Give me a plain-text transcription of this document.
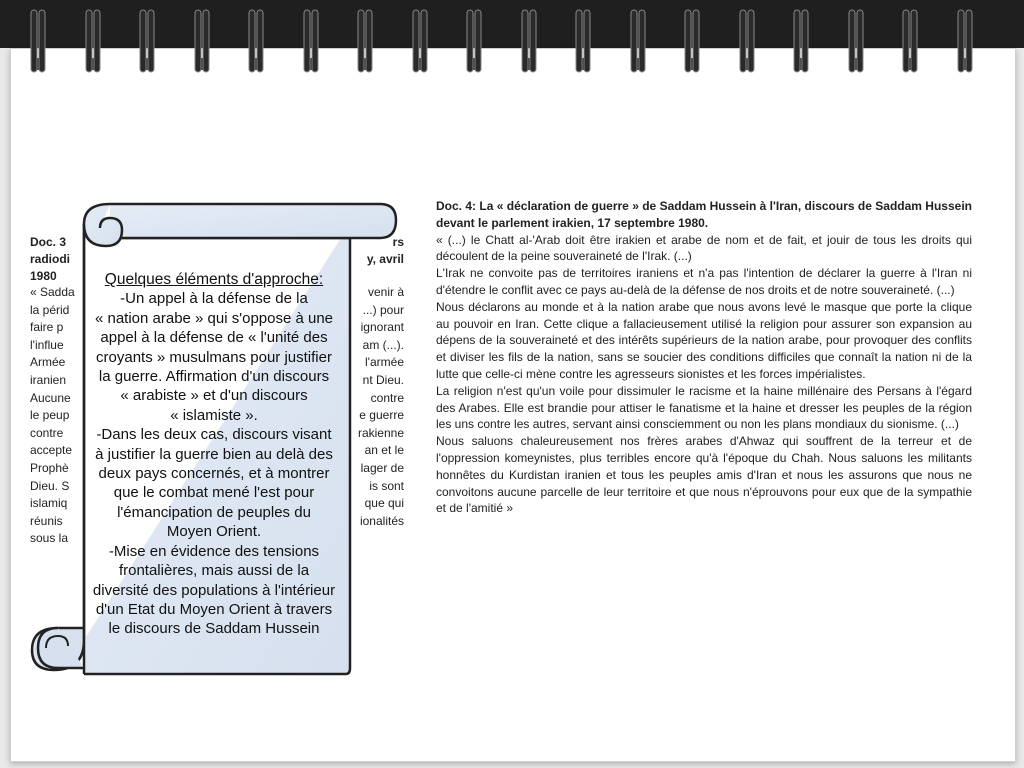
Doc. 3	rs
radiodi	y, avril
1980
« Sadda	venir à
la périd	...) pour
faire p	ignorant
l'influe	am (...).
Armée	l'armée
iranien	nt Dieu.
Aucune	contre
le peup	e guerre
contre	rakienne
accepte	an et le
Prophè	lager de
Dieu. S	is sont
islamiq	que qui
réunis	ionalités
sous la

Doc. 4: La « déclaration de guerre » de Saddam Hussein à l'Iran, discours de Saddam Hussein devant le parlement irakien, 17 septembre 1980.

« (...) le Chatt al-'Arab doit être irakien et arabe de nom et de fait, et jouir de tous les droits qui découlent de la peine souveraineté de l'Irak. (...)

L'Irak ne convoite pas de territoires iraniens et n'a pas l'intention de déclarer la guerre à l'Iran ni d'étendre le conflit avec ce pays au-delà de la défense de nos droits et de notre souveraineté. (...)

Nous déclarons au monde et à la nation arabe que nous avons levé le masque que porte la clique au pouvoir en Iran. Cette clique a fallacieusement utilisé la religion pour assurer son expansion au dépens de la souveraineté et des intérêts supérieurs de la nation arabe, pour provoquer des conflits et diviser les fils de la nation, sans se soucier des conditions difficiles que connaît la nation ni de la lutte que celle-ci mène contre les agresseurs sionistes et les forces impérialistes.

La religion n'est qu'un voile pour dissimuler le racisme et la haine millénaire des Persans à l'égard des Arabes. Elle est brandie pour attiser le fanatisme et la haine et dresser les peuples de la région les uns contre les autres, servant ainsi consciemment ou non les plans mondiaux du sionisme. (...)

Nous saluons chaleureusement nos frères arabes d'Ahwaz qui souffrent de la terreur et de l'oppression komeynistes, plus terribles encore qu'à l'époque du Chah. Nous saluons les militants honnêtes du Kurdistan iranien et tous les peuples amis d'Iran et nous les assurons que nous ne convoitons aucune parcelle de leur territoire et que nous n'éprouvons pour eux que de la sympathie et de l'amitié »

Quelques éléments d'approche:

-Un appel à la défense de la

« nation arabe » qui s'oppose à une

appel à la défense de « l'unité des

croyants » musulmans pour justifier

la guerre. Affirmation d'un discours

« arabiste » et d'un discours

« islamiste ».

-Dans les deux cas, discours visant

à justifier la guerre bien au delà des

deux pays concernés, et à montrer

que le combat mené l'est pour

l'émancipation de peuples du

Moyen Orient.

-Mise en évidence des tensions

frontalières, mais aussi de la

diversité des populations à l'intérieur

d'un Etat du Moyen Orient à travers

le discours de Saddam Hussein
